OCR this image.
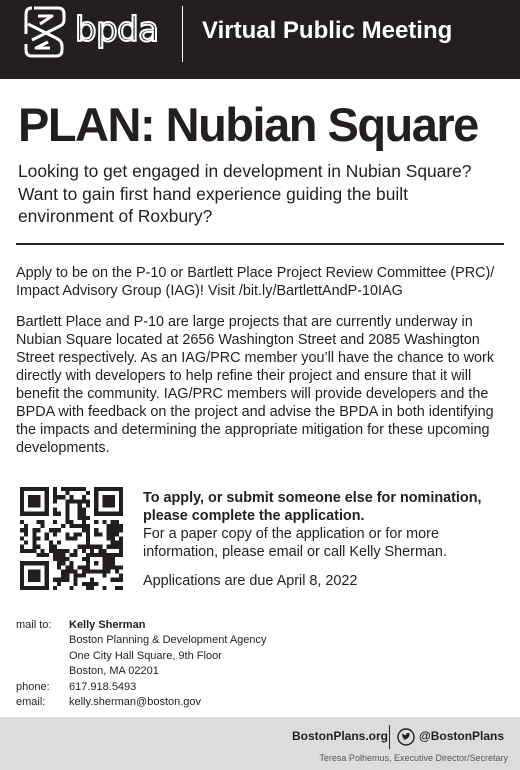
bpda Virtual Public Meeting
PLAN: Nubian Square

Looking to get engaged in development in Nubian Square? Want to gain first hand experience guiding the built environment of Roxbury?

Apply to be on the P-10 or Bartlett Place Project Review Committee (PRC)/ Impact Advisory Group (IAG)! Visit /bit.ly/BartlettAndP-10IAG

Bartlett Place and P-10 are large projects that are currently underway in Nubian Square located at 2656 Washington Street and 2085 Washington Street respectively. As an IAG/PRC member you’ll have the chance to work directly with developers to help refine their project and ensure that it will benefit the community. IAG/PRC members will provide developers and the BPDA with feedback on the project and advise the BPDA in both identifying the impacts and determining the appropriate mitigation for these upcoming developments.

To apply, or submit someone else for nomination, please complete the application.

For a paper copy of the application or for more information, please email or call Kelly Sherman.

Applications are due April 8, 2022

mail to:	Kelly Sherman
Boston Planning & Development Agency
One City Hall Square, 9th Floor
Boston, MA 02201
phone:	617.918.5493
email:	kelly.sherman@boston.gov
BostonPlans.org	@BostonPlans
Teresa Polhemus, Executive Director/Secretary
